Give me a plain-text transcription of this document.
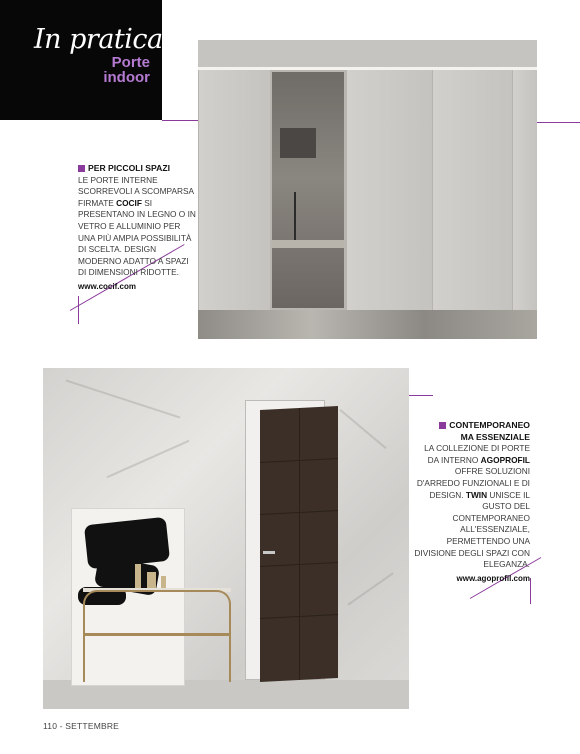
In pratica
Porte
indoor
PER PICCOLI SPAZI
LE PORTE INTERNE SCORREVOLI A SCOMPARSA FIRMATE COCIF SI PRESENTANO IN LEGNO O IN VETRO E ALLUMINIO PER UNA PIÙ AMPIA POSSIBILITÀ DI SCELTA. DESIGN MODERNO ADATTO A SPAZI DI DIMENSIONI RIDOTTE.
www.cocif.com
CONTEMPORANEO
MA ESSENZIALE
LA COLLEZIONE DI PORTE DA INTERNO AGOPROFIL OFFRE SOLUZIONI D'ARREDO FUNZIONALI E DI DESIGN. TWIN UNISCE IL GUSTO DEL CONTEMPORANEO ALL'ESSENZIALE, PERMETTENDO UNA DIVISIONE DEGLI SPAZI CON ELEGANZA.
www.agoprofil.com
110 - SETTEMBRE
